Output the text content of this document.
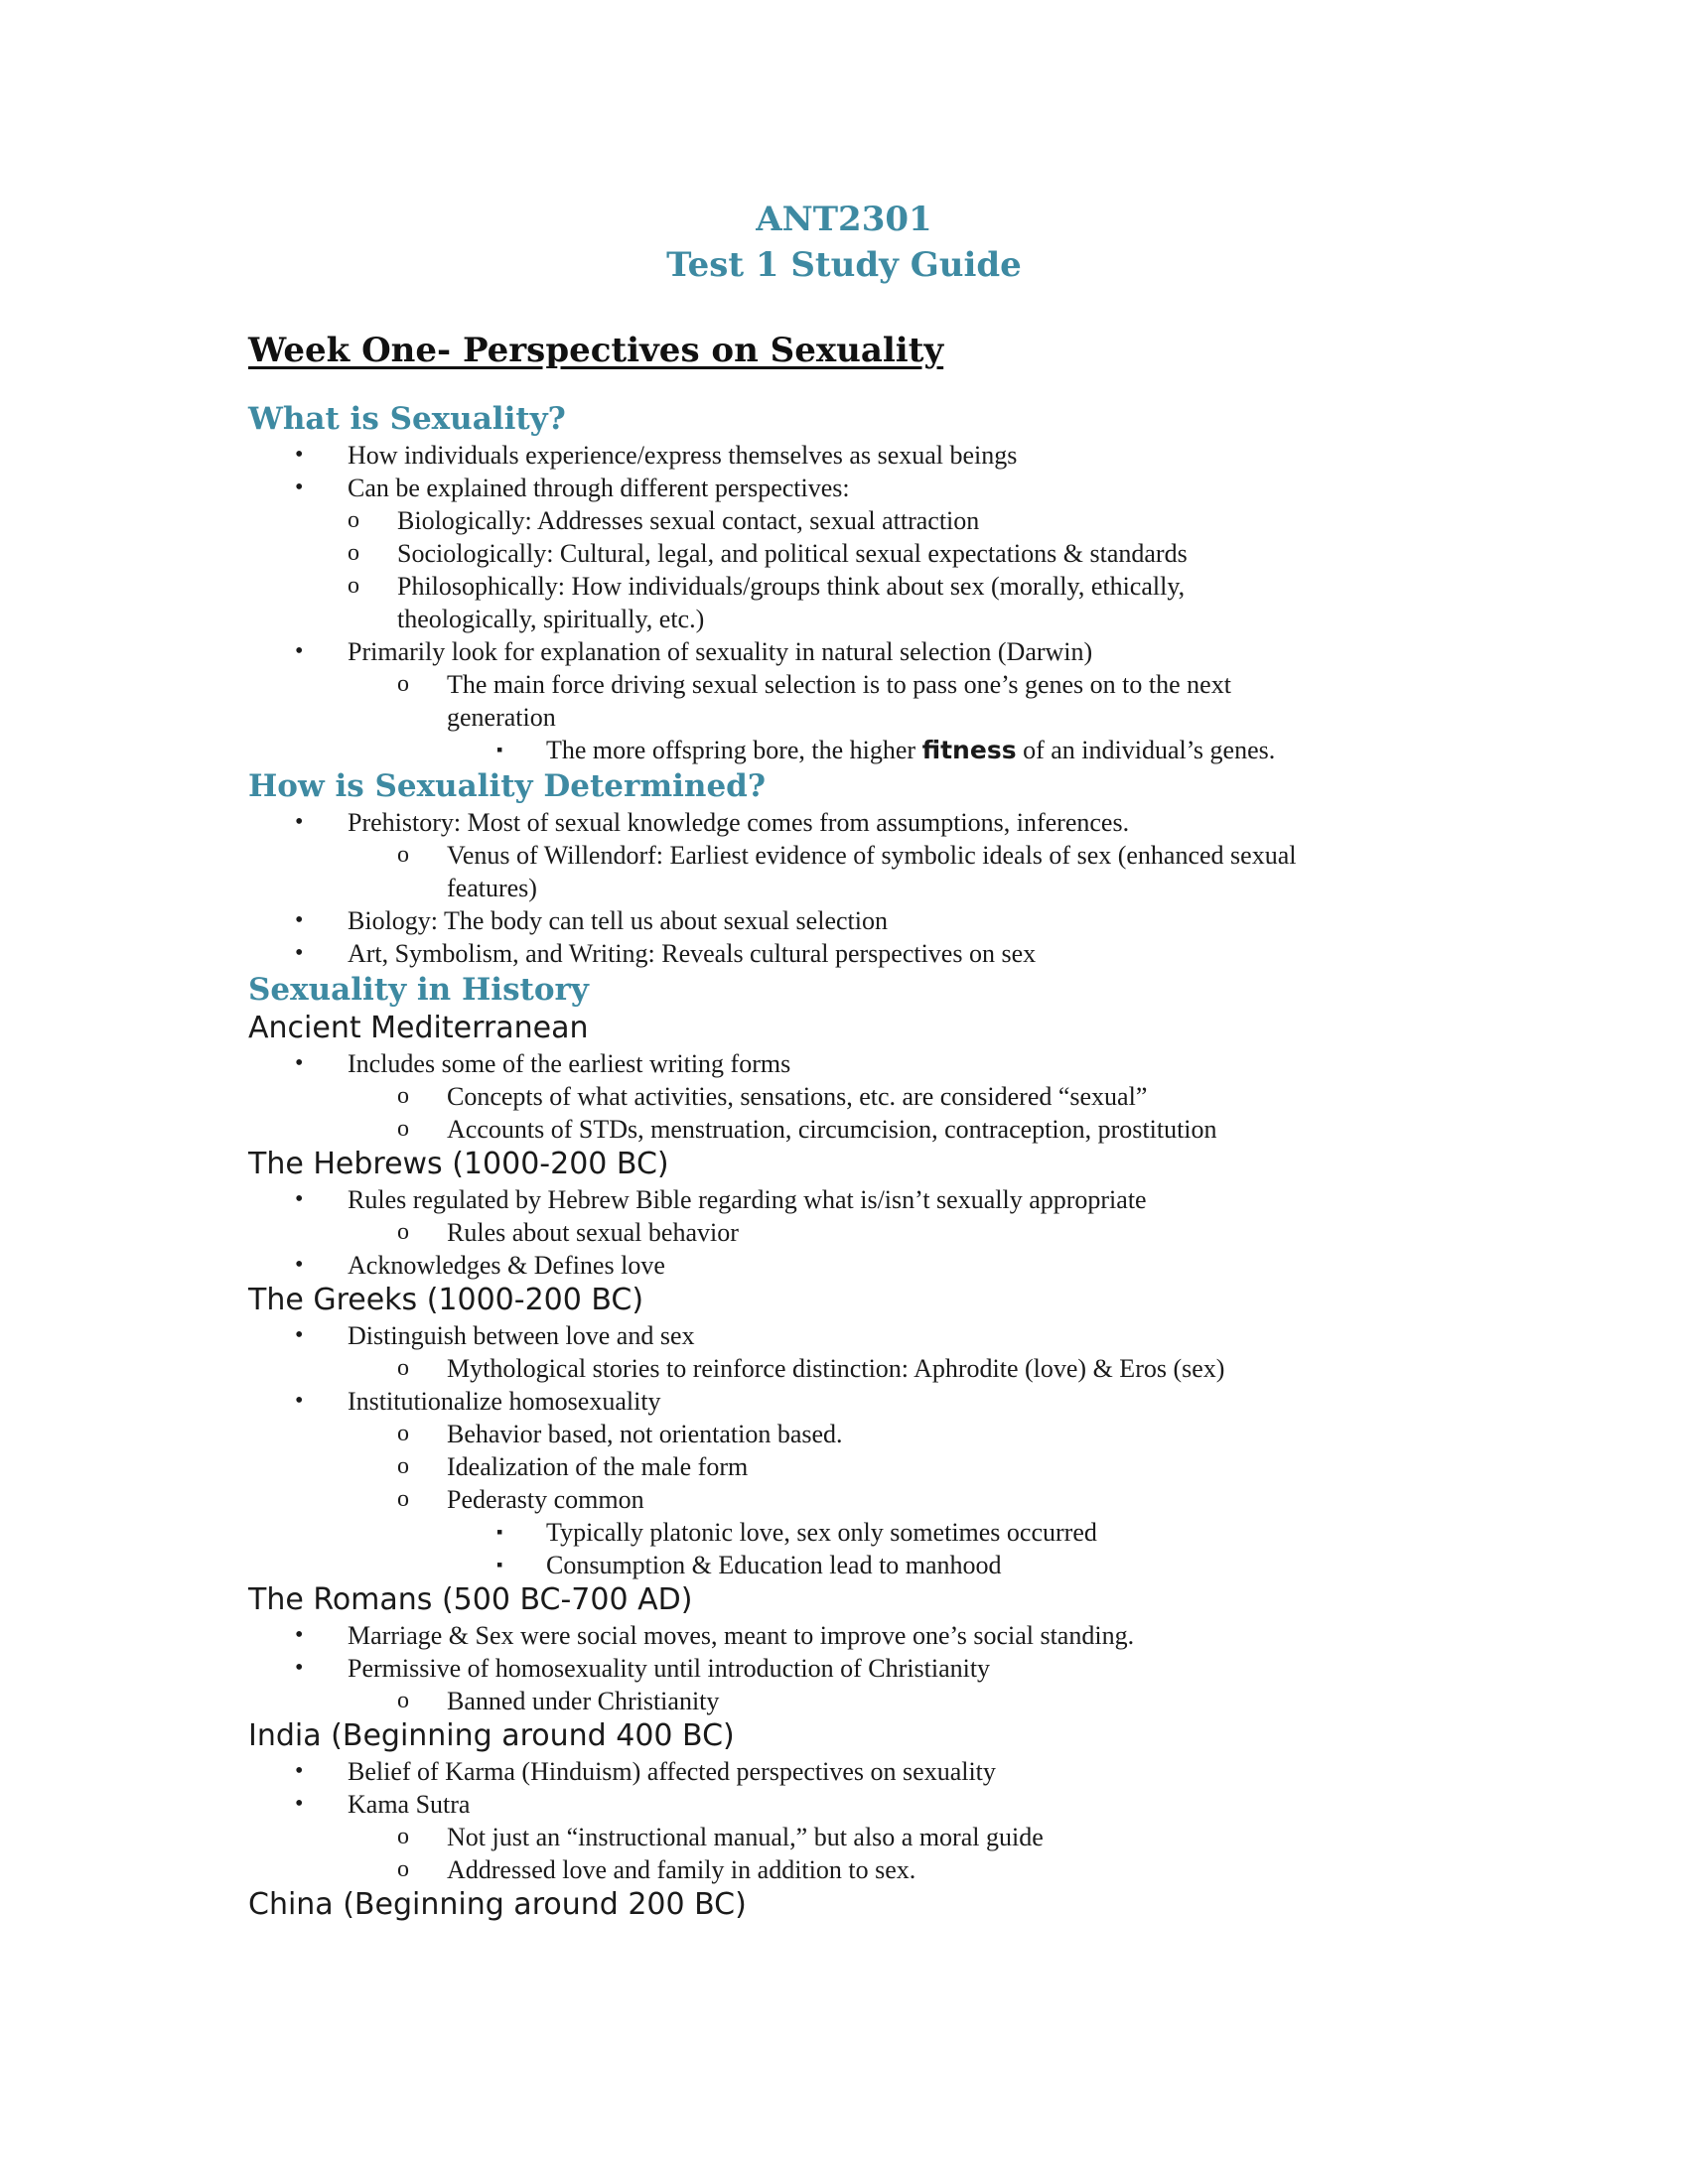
ANT2301
Test 1 Study Guide
Week One- Perspectives on Sexuality
What is Sexuality?
• How individuals experience/express themselves as sexual beings
• Can be explained through different perspectives:
o Biologically: Addresses sexual contact, sexual attraction
o Sociologically: Cultural, legal, and political sexual expectations & standards
o Philosophically: How individuals/groups think about sex (morally, ethically,
theologically, spiritually, etc.)
• Primarily look for explanation of sexuality in natural selection (Darwin)
o The main force driving sexual selection is to pass one’s genes on to the next
generation
▪ The more offspring bore, the higher fitness of an individual’s genes.
How is Sexuality Determined?
• Prehistory: Most of sexual knowledge comes from assumptions, inferences.
o Venus of Willendorf: Earliest evidence of symbolic ideals of sex (enhanced sexual
features)
• Biology: The body can tell us about sexual selection
• Art, Symbolism, and Writing: Reveals cultural perspectives on sex
Sexuality in History
Ancient Mediterranean
• Includes some of the earliest writing forms
o Concepts of what activities, sensations, etc. are considered “sexual”
o Accounts of STDs, menstruation, circumcision, contraception, prostitution
The Hebrews (1000-200 BC)
• Rules regulated by Hebrew Bible regarding what is/isn’t sexually appropriate
o Rules about sexual behavior
• Acknowledges & Defines love
The Greeks (1000-200 BC)
• Distinguish between love and sex
o Mythological stories to reinforce distinction: Aphrodite (love) & Eros (sex)
• Institutionalize homosexuality
o Behavior based, not orientation based.
o Idealization of the male form
o Pederasty common
▪ Typically platonic love, sex only sometimes occurred
▪ Consumption & Education lead to manhood
The Romans (500 BC-700 AD)
• Marriage & Sex were social moves, meant to improve one’s social standing.
• Permissive of homosexuality until introduction of Christianity
o Banned under Christianity
India (Beginning around 400 BC)
• Belief of Karma (Hinduism) affected perspectives on sexuality
• Kama Sutra
o Not just an “instructional manual,” but also a moral guide
o Addressed love and family in addition to sex.
China (Beginning around 200 BC)
